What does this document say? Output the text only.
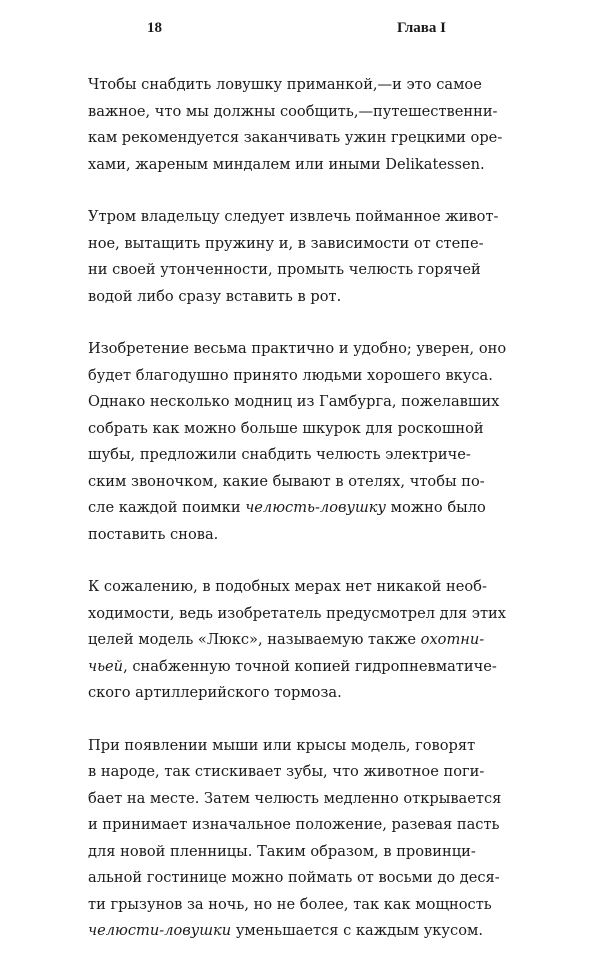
18	Глава I

Чтобы снабдить ловушку приманкой,—и это самое
важное, что мы должны сообщить,—путешественни-
кам рекомендуется заканчивать ужин грецкими оре-
хами, жареным миндалем или иными Delikatessen.

Утром владельцу следует извлечь пойманное живот-
ное, вытащить пружину и, в зависимости от степе-
ни своей утонченности, промыть челюсть горячей
водой либо сразу вставить в рот.

Изобретение весьма практично и удобно; уверен, оно
будет благодушно принято людьми хорошего вкуса.
Однако несколько модниц из Гамбурга, пожелавших
собрать как можно больше шкурок для роскошной
шубы, предложили снабдить челюсть электриче-
ским звоночком, какие бывают в отелях, чтобы по-
сле каждой поимки челюсть-ловушку можно было
поставить снова.

К сожалению, в подобных мерах нет никакой необ-
ходимости, ведь изобретатель предусмотрел для этих
целей модель «Люкс», называемую также охотни-
чьей, снабженную точной копией гидропневматиче-
ского артиллерийского тормоза.

При появлении мыши или крысы модель, говорят
в народе, так стискивает зубы, что животное поги-
бает на месте. Затем челюсть медленно открывается
и принимает изначальное положение, разевая пасть
для новой пленницы. Таким образом, в провинци-
альной гостинице можно поймать от восьми до деся-
ти грызунов за ночь, но не более, так как мощность
челюсти-ловушки уменьшается с каждым укусом.
